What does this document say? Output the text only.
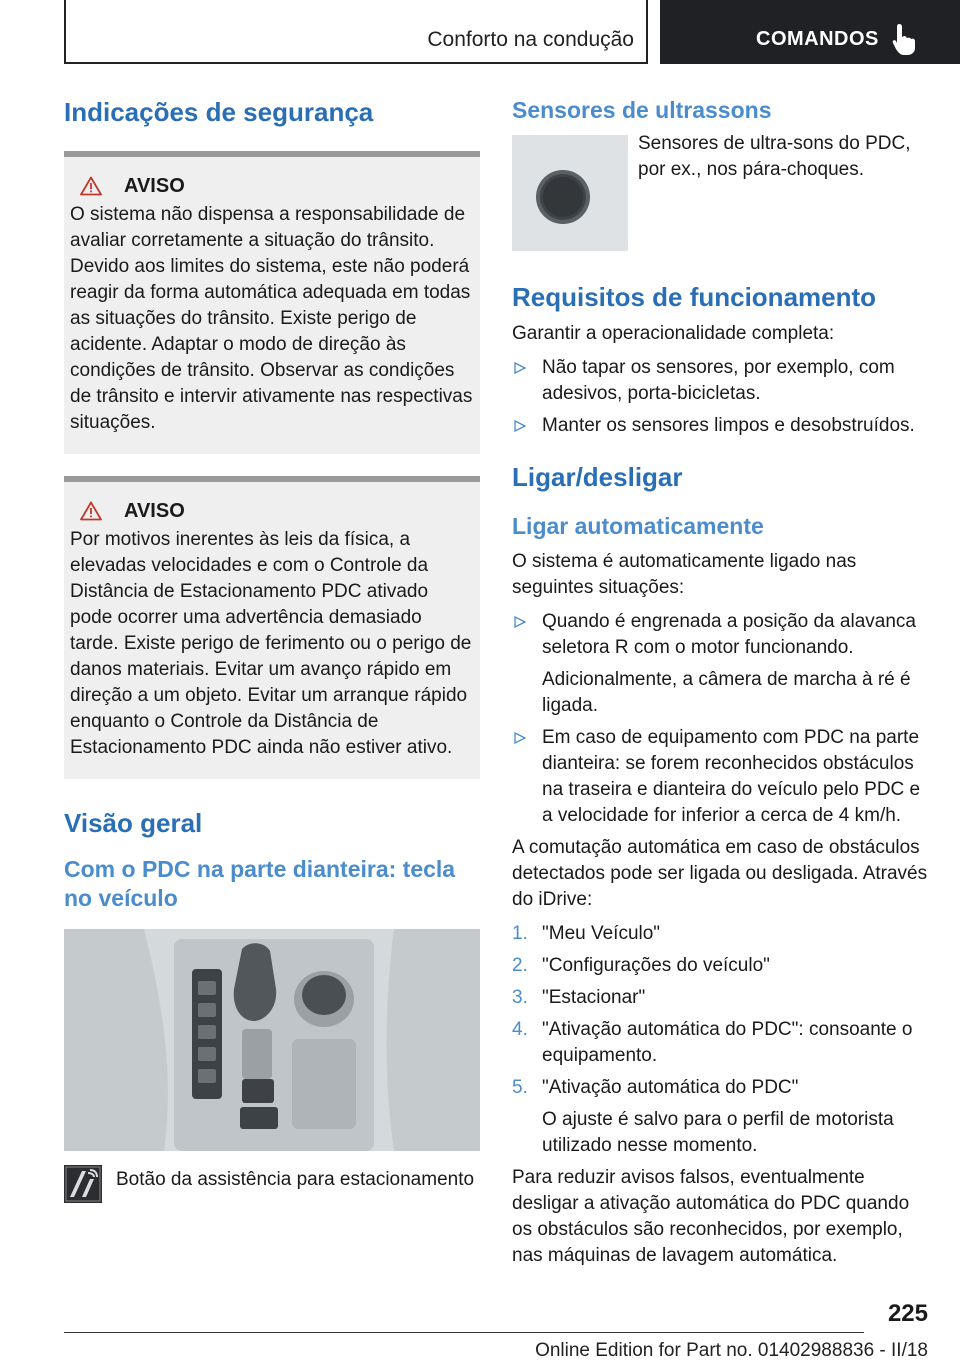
Conforto na condução	COMANDOS
Indicações de segurança
AVISO

O sistema não dispensa a responsabilidade de avaliar corretamente a situação do trânsito. Devido aos limites do sistema, este não poderá reagir da forma automática adequada em todas as situações do trânsito. Existe perigo de acidente. Adaptar o modo de direção às condições de trânsito. Observar as condições de trânsito e intervir ativamente nas respectivas situações.

AVISO

Por motivos inerentes às leis da física, a elevadas velocidades e com o Controle da Distância de Estacionamento PDC ativado pode ocorrer uma advertência demasiado tarde. Existe perigo de ferimento ou o perigo de danos materiais. Evitar um avanço rápido em direção a um objeto. Evitar um arranque rápido enquanto o Controle da Distância de Estacionamento PDC ainda não estiver ativo.

Visão geral
Com o PDC na parte dianteira: tecla no veículo
Botão da assistência para estacionamento
Sensores de ultrassons

Sensores de ultra-sons do PDC, por ex., nos pára-choques.

Requisitos de funcionamento

Garantir a operacionalidade completa:

Não tapar os sensores, por exemplo, com adesivos, porta-bicicletas.
Manter os sensores limpos e desobstruídos.
Ligar/desligar
Ligar automaticamente

O sistema é automaticamente ligado nas seguintes situações:

Quando é engrenada a posição da alavanca seletora R com o motor funcionando.
Adicionalmente, a câmera de marcha à ré é ligada.
Em caso de equipamento com PDC na parte dianteira: se forem reconhecidos obstáculos na traseira e dianteira do veículo pelo PDC e a velocidade for inferior a cerca de 4 km/h.

A comutação automática em caso de obstáculos detectados pode ser ligada ou desligada. Através do iDrive:

1. "Meu Veículo"
2. "Configurações do veículo"
3. "Estacionar"
4. "Ativação automática do PDC": consoante o equipamento.
5. "Ativação automática do PDC"
O ajuste é salvo para o perfil de motorista utilizado nesse momento.

Para reduzir avisos falsos, eventualmente desligar a ativação automática do PDC quando os obstáculos são reconhecidos, por exemplo, nas máquinas de lavagem automática.

225
Online Edition for Part no. 01402988836 - II/18
